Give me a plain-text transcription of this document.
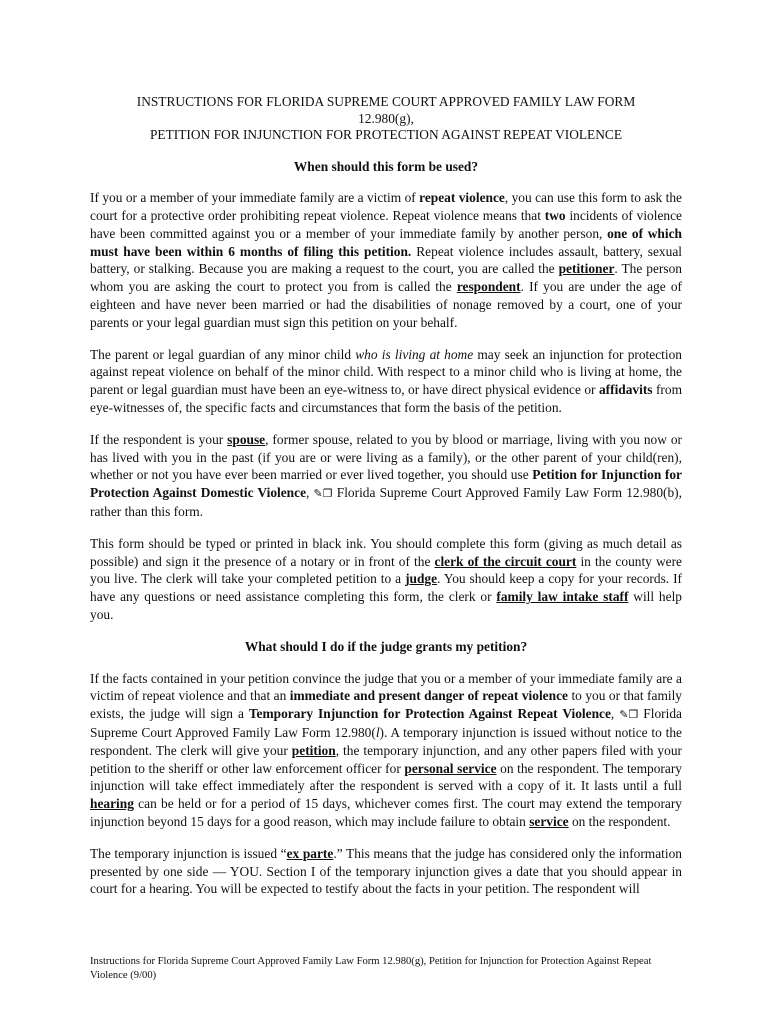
INSTRUCTIONS FOR FLORIDA SUPREME COURT APPROVED FAMILY LAW FORM
12.980(g),
PETITION FOR INJUNCTION FOR PROTECTION AGAINST REPEAT VIOLENCE

When should this form be used?

If you or a member of your immediate family are a victim of repeat violence, you can use this form to ask the court for a protective order prohibiting repeat violence. Repeat violence means that two incidents of violence have been committed against you or a member of your immediate family by another person, one of which must have been within 6 months of filing this petition. Repeat violence includes assault, battery, sexual battery, or stalking. Because you are making a request to the court, you are called the petitioner. The person whom you are asking the court to protect you from is called the respondent. If you are under the age of eighteen and have never been married or had the disabilities of nonage removed by a court, one of your parents or your legal guardian must sign this petition on your behalf.

The parent or legal guardian of any minor child who is living at home may seek an injunction for protection against repeat violence on behalf of the minor child. With respect to a minor child who is living at home, the parent or legal guardian must have been an eye-witness to, or have direct physical evidence or affidavits from eye-witnesses of, the specific facts and circumstances that form the basis of the petition.

If the respondent is your spouse, former spouse, related to you by blood or marriage, living with you now or has lived with you in the past (if you are or were living as a family), or the other parent of your child(ren), whether or not you have ever been married or ever lived together, you should use Petition for Injunction for Protection Against Domestic Violence, ✎❐ Florida Supreme Court Approved Family Law Form 12.980(b), rather than this form.

This form should be typed or printed in black ink. You should complete this form (giving as much detail as possible) and sign it the presence of a notary or in front of the clerk of the circuit court in the county were you live. The clerk will take your completed petition to a judge. You should keep a copy for your records. If have any questions or need assistance completing this form, the clerk or family law intake staff will help you.

What should I do if the judge grants my petition?

If the facts contained in your petition convince the judge that you or a member of your immediate family are a victim of repeat violence and that an immediate and present danger of repeat violence to you or that family exists, the judge will sign a Temporary Injunction for Protection Against Repeat Violence, ✎❐ Florida Supreme Court Approved Family Law Form 12.980(l). A temporary injunction is issued without notice to the respondent. The clerk will give your petition, the temporary injunction, and any other papers filed with your petition to the sheriff or other law enforcement officer for personal service on the respondent. The temporary injunction will take effect immediately after the respondent is served with a copy of it. It lasts until a full hearing can be held or for a period of 15 days, whichever comes first. The court may extend the temporary injunction beyond 15 days for a good reason, which may include failure to obtain service on the respondent.

The temporary injunction is issued “ex parte.” This means that the judge has considered only the information presented by one side — YOU. Section I of the temporary injunction gives a date that you should appear in court for a hearing. You will be expected to testify about the facts in your petition. The respondent will

Instructions for Florida Supreme Court Approved Family Law Form 12.980(g), Petition for Injunction for Protection Against Repeat Violence (9/00)
